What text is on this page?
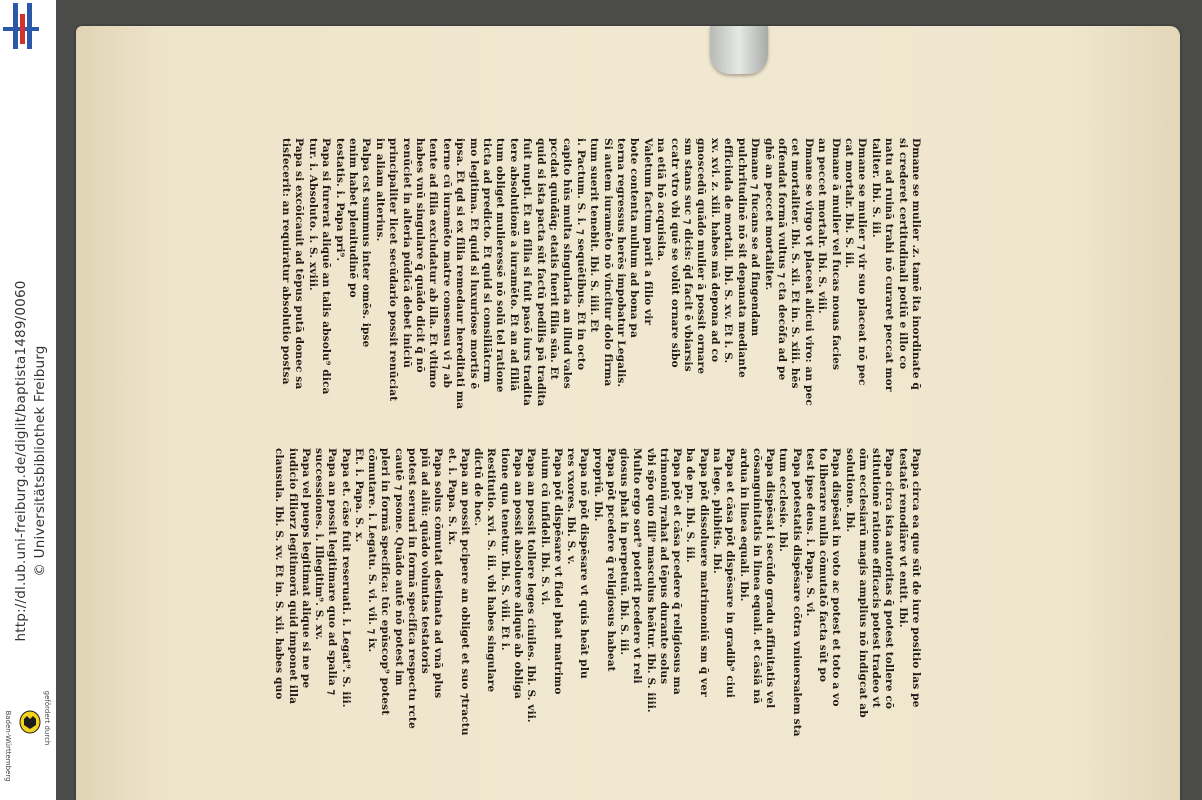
http://dl.ub.uni-freiburg.de/diglit/baptista1489/0060 © Universitätsbibliothek Freiburg
gefördert durch
Baden-Württemberg
Dmane se mulier .z. tamē ita inordinate q̄
si crederet certitudinali potiū e illo co
natu ad ruinā trahi nō curaret peccat mor
taliter. Ibi. S. iii.
Dmane se mulier ⁊ vir suo placeat nō pec
cat mortalr. Ibi. S. iii.
Dmane ā mulier vel fucas nouas facies
an peccet mortalr. Ibi. S. viii.
Dmane se virgo vt placeat alicui viro: an pec
cet mortaliter. Ibi. S. xii. Et in. S. xiii. hēs
offendat formā vultus ⁊ cta decōfa ad pe
ghē an peccet mortaliter.
Dmane ⁊ fucans se ad fingendam
pulchritudinē nō sit depanata mediante
efficiuda de mortali. Ibi. S. xv. Et i. S.
xv. xvi. z. xiii. habes mā depona ad co
gnoscedū quādo mulier ā possit ornare
sm stans suc ⁊ dicis: q̄d facit ē vbiarsis
ccatr vtro vbi quē se volūt ornare sibo
na etiā hō acquisita.
Valetum factum parit a filio vir
bote contenta nullum ad bona pa
terna regressus herēs impobatur Legalis.
Si autem iuramēto nō vincitur dolo firma
tum suerit tenebit. Ibi. S. iiii. Et
i. Pactum. S. i. ⁊ sequētibus. Et in octo
capito hūs multa singularia an illud vales
pccdat quūdāq; etatis fuerit filia sūa. Et
quid si ista pacta sūt factū pedilis pā tradita
fuit nupti. Et an filia si fuit pasō iurs tradita
tere absolutionē a iuramēto. Et an ad filiā
tum obliget mulieressē nō solū tel ratione
ticta ad predicto. Et quid si consiliātcrm
mo legitima. Et quid si luxuriose mortis ē
ipsa. Et qd si ex filia remedaur hereditati ma
terne cū iuramēto matre consensu vi ⁊ ab
tente ad filia excludatur ab illa. Et vltimo
habes vnū singulare q̄ quādo dicit q̄ nō
renūciet in alteria pūdicā debet iniciū
principaliter licet secūdario possit renūciat
in aliam alterius.
Palpa cst summus inter omēs. ipse
enim habet plenitudinē po
testatis. i. Papa pri⁹.
Papa si furerat aliquē an talis absolu⁹ dica
tur. i. Absoluto. i. S. xviii.
Papa si excōicauit ad tēpus putā donec sa
tisfecerit: an requiratur absolutio postsa
Papa circa ea que sūt de iure positio las pe
testatē renodiāre vt entit. Ibi.
Papa circa ista autoritas q̄ potest tollere cō
stitutionē ratione efficacis potest tradeo vt
oīm ecclesiarū magis amplius nō indigcat ab
solutione. Ibi.
Papa dispēsat in voto ac potest et toto a vo
to liberare nulla cōmutatō facta sūt po
test ipse deus. i. Papa. S. vi.
Papa potestatis dispēsare cōtra vniuersalem sta
tum ecclesie. Ibi.
Papa dispēsat i secūdo gradu affinitatis vel
cōsanguinitatis in linea equali. et cāsiā nā
ardua in linea equali. Ibi.
Papa et cāsa pōt dispēsare in gradib⁹ ciui
na lege. phibitis. Ibi.
Papa pōt dissoluere matrimoniū sm q̄ ver
ba de pn. Ibi. S. iii.
Papa pōt et cāsa pcedere q̄ religiosus ma
trimoniū ⁊rahat ad tēpus durante solus
vbi sp̄o quo fili⁹ masculus heātur. Ibi. S. iiii.
Multo ergo sort⁹ poterit pcedere vt reli
giosus phat in perpetuū. Ibi. S. iii.
Papa pōt pcedere q̄ religiosus habeat
propriū. Ibi.
Papa nō pōt dispēsare vt quis heāt plu
res vxores. Ibi. S. v.
Papa pōt dispēsare vt fidel phat matrimo
nium cū infideli. Ibi. S. vi.
Papa an possit tollere leges ciuiles. Ibi. S. vii.
Papa an possit absoluere aliquē ab obliga
tione qua tenetur. Ibi. S. viii. Et i.
Restitutio. xvi. S. iii. vbi habes singulare
dictū de hoc.
Papa an possit pcipere an obliget et suo ⁊tractu
et. i. Papa. S. ix.
Papa solus cōmutat destinata ad vnā plus
piū ad aliū: quādo voluntas testatoris
potest seruari in formā specifica respectu rcte
cautē ⁊ psone. Quādo autē nō potest im
pleri in formā specifica: tūc epūscop⁹ potest
cōmutare. i. Legatu. S. vi. vii. ⁊ ix.
Et. i. Papa. S. x.
Papa et. cāse fuit reseruati. i. Legat⁹. S. iii.
Papa an possit legitimare quo ad spalia ⁊
successiones. i. Illegitim⁹. S. xv.
Papa vel pueps legitimat alique si ne pe
iudicio filiorz legitimorū quid imponet illa
clausula. Ibi. S. xv. Et in. S. xii. habes quo
